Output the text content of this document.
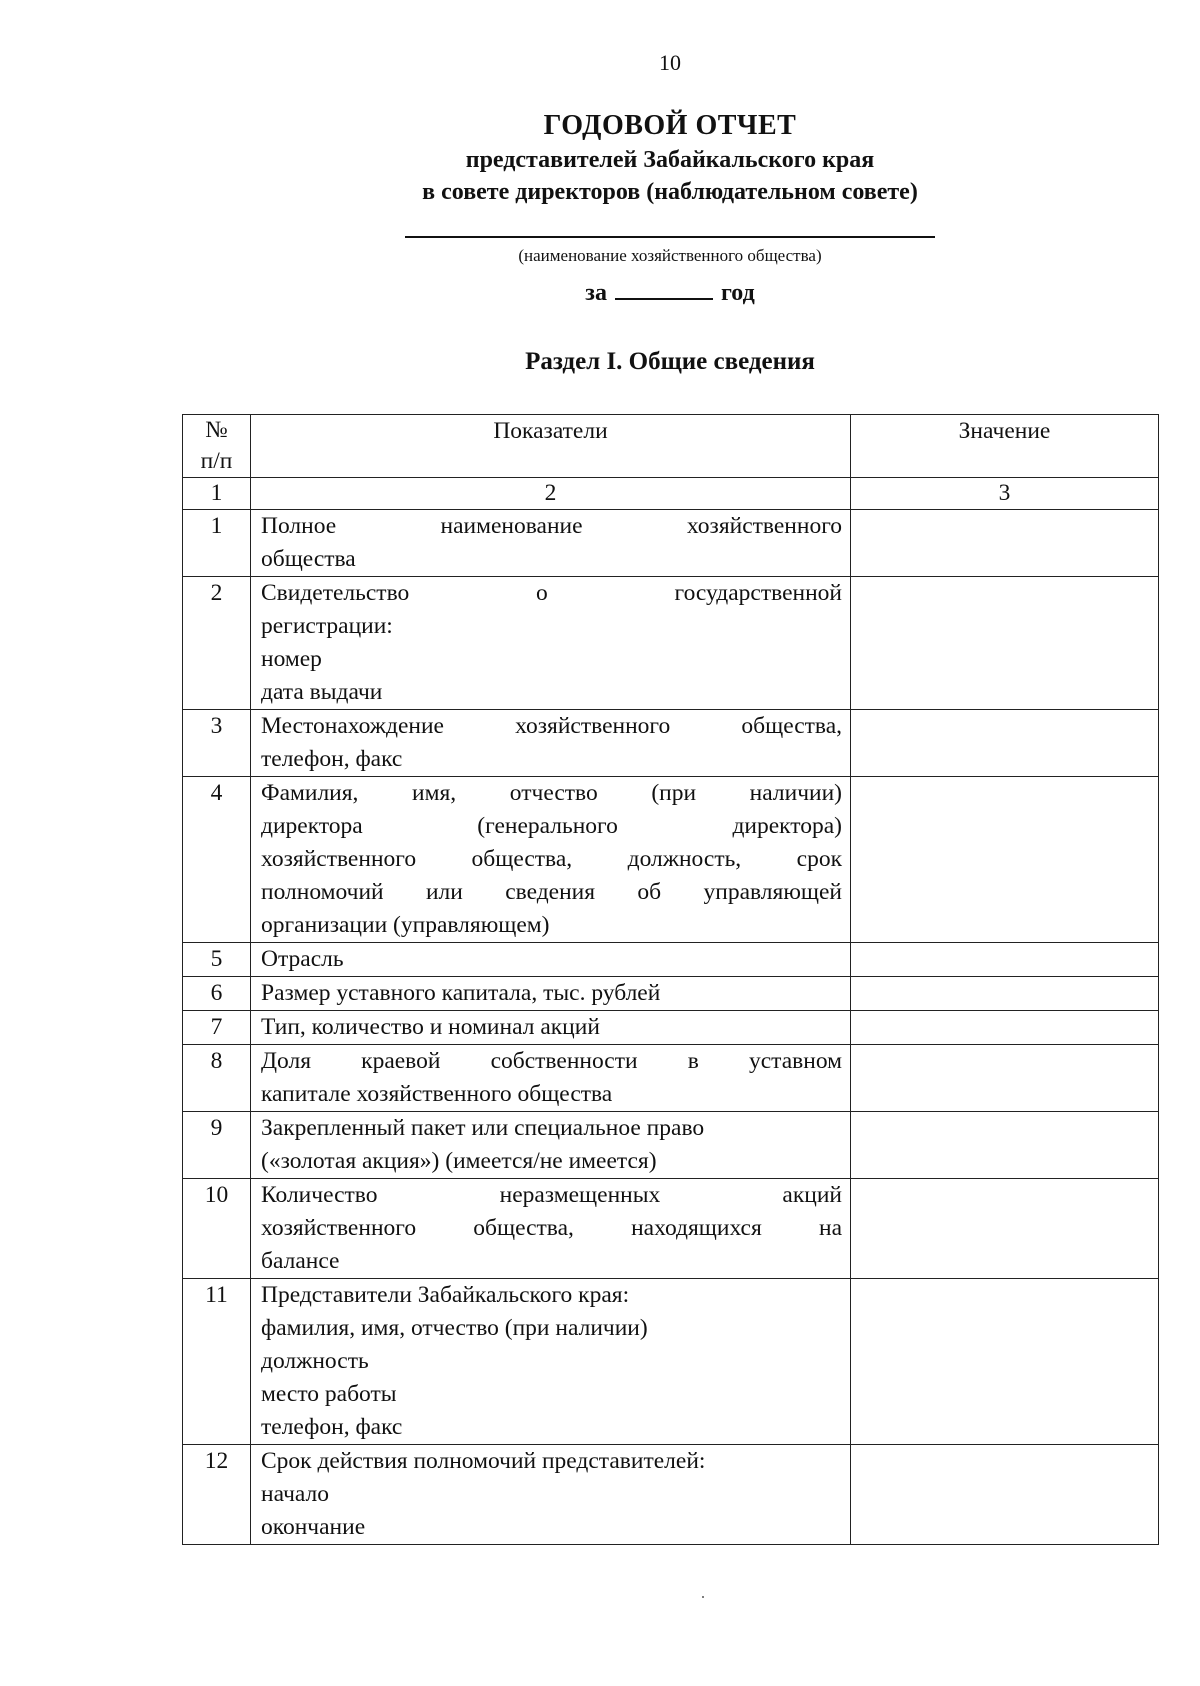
10
ГОДОВОЙ ОТЧЕТ
представителей Забайкальского края
в совете директоров (наблюдательном совете)
(наименование хозяйственного общества)
за	год
Раздел I. Общие сведения
№
п/п	Показатели	Значение
1	2	3
1	Полное наименование хозяйственного
общества	

2	Свидетельство о государственной
регистрации:
номер
дата выдачи	

3	Местонахождение хозяйственного общества,
телефон, факс	

4	Фамилия, имя, отчество (при наличии)
директора (генерального директора)
хозяйственного общества, должность, срок
полномочий или сведения об управляющей
организации (управляющем)	

5	Отрасль	

6	Размер уставного капитала, тыс. рублей	

7	Тип, количество и номинал акций	

8	Доля краевой собственности в уставном
капитале хозяйственного общества	

9	Закрепленный пакет или специальное право
(«золотая акция») (имеется/не имеется)	

10	Количество неразмещенных акций
хозяйственного общества, находящихся на
балансе	

11	Представители Забайкальского края:
фамилия, имя, отчество (при наличии)
должность
место работы
телефон, факс	

12	Срок действия полномочий представителей:
начало
окончание	
